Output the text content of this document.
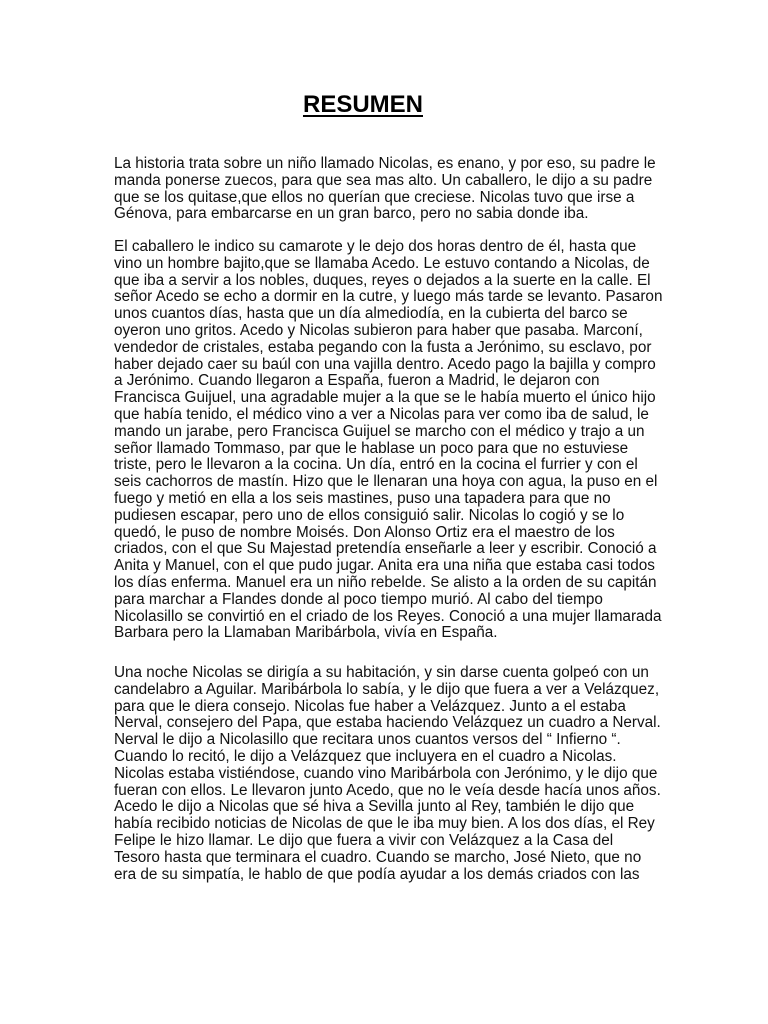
RESUMEN
La historia trata sobre un niño llamado Nicolas, es enano, y por eso, su padre le
manda ponerse zuecos, para que sea mas alto. Un caballero, le dijo a su padre
que se los quitase,que ellos no querían que creciese. Nicolas tuvo que irse a
Génova, para embarcarse en un gran barco, pero no sabia donde iba.
El caballero le indico su camarote y le dejo dos horas dentro de él, hasta que
vino un hombre bajito,que se llamaba Acedo. Le estuvo contando a Nicolas, de
que iba a servir a los nobles, duques, reyes o dejados a la suerte en la calle. El
señor Acedo se echo a dormir en la cutre, y luego más tarde se levanto. Pasaron
unos cuantos días, hasta que un día almediodía, en la cubierta del barco se
oyeron uno gritos. Acedo y Nicolas subieron para haber que pasaba. Marconí,
vendedor de cristales, estaba pegando con la fusta a Jerónimo, su esclavo, por
haber dejado caer su baúl con una vajilla dentro. Acedo pago la bajilla y compro
a Jerónimo. Cuando llegaron a España, fueron a Madrid, le dejaron con
Francisca Guijuel, una agradable mujer a la que se le había muerto el único hijo
que había tenido, el médico vino a ver a Nicolas para ver como iba de salud, le
mando un jarabe, pero Francisca Guijuel se marcho con el médico y trajo a un
señor llamado Tommaso, par que le hablase un poco para que no estuviese
triste, pero le llevaron a la cocina. Un día, entró en la cocina el furrier y con el
seis cachorros de mastín. Hizo que le llenaran una hoya con agua, la puso en el
fuego y metió en ella a los seis mastines, puso una tapadera para que no
pudiesen escapar, pero uno de ellos consiguió salir. Nicolas lo cogió y se lo
quedó, le puso de nombre Moisés. Don Alonso Ortiz era el maestro de los
criados, con el que Su Majestad pretendía enseñarle a leer y escribir. Conoció a
Anita y Manuel, con el que pudo jugar. Anita era una niña que estaba casi todos
los días enferma. Manuel era un niño rebelde. Se alisto a la orden de su capitán
para marchar a Flandes donde al poco tiempo murió. Al cabo del tiempo
Nicolasillo se convirtió en el criado de los Reyes. Conoció a una mujer llamarada
Barbara pero la Llamaban Maribárbola, vivía en España.
Una noche Nicolas se dirigía a su habitación, y sin darse cuenta golpeó con un
candelabro a Aguilar. Maribárbola lo sabía, y le dijo que fuera a ver a Velázquez,
para que le diera consejo. Nicolas fue haber a Velázquez. Junto a el estaba
Nerval, consejero del Papa, que estaba haciendo Velázquez un cuadro a Nerval.
Nerval le dijo a Nicolasillo que recitara unos cuantos versos del “ Infierno “.
Cuando lo recitó, le dijo a Velázquez que incluyera en el cuadro a Nicolas.
Nicolas estaba vistiéndose, cuando vino Maribárbola con Jerónimo, y le dijo que
fueran con ellos. Le llevaron junto Acedo, que no le veía desde hacía unos años.
Acedo le dijo a Nicolas que sé hiva a Sevilla junto al Rey, también le dijo que
había recibido noticias de Nicolas de que le iba muy bien. A los dos días, el Rey
Felipe le hizo llamar. Le dijo que fuera a vivir con Velázquez a la Casa del
Tesoro hasta que terminara el cuadro. Cuando se marcho, José Nieto, que no
era de su simpatía, le hablo de que podía ayudar a los demás criados con las
